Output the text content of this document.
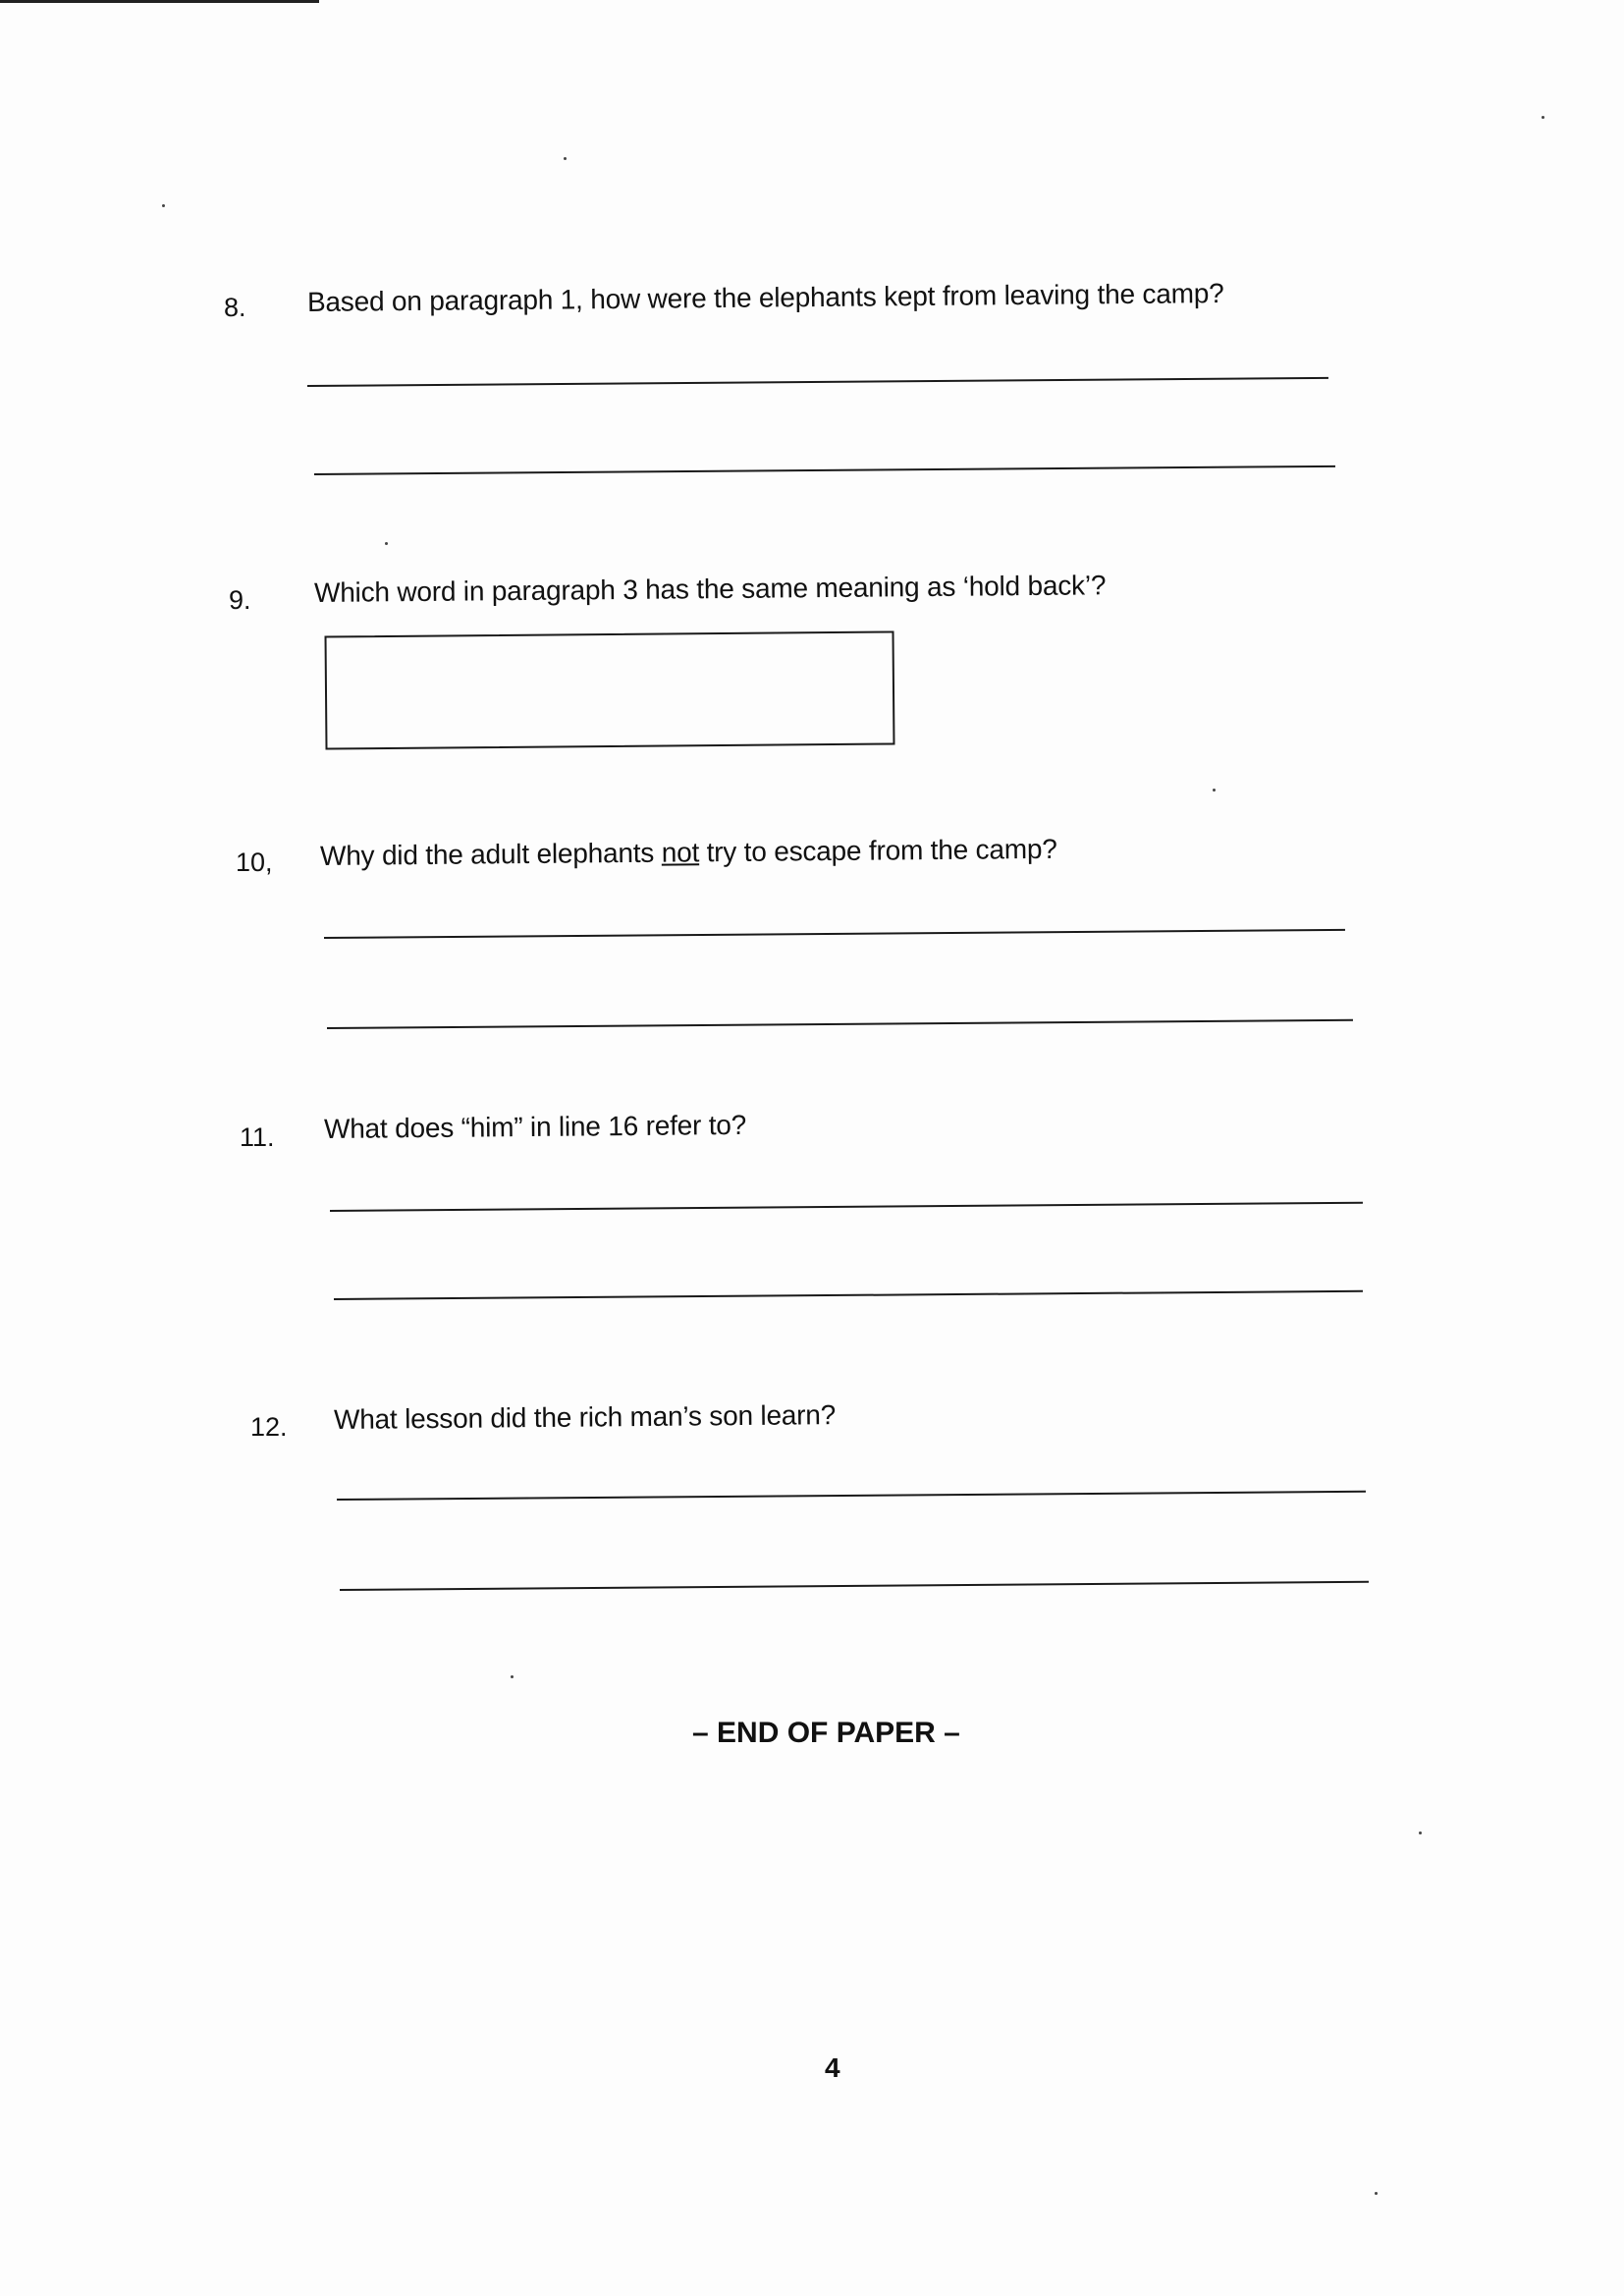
8. Based on paragraph 1, how were the elephants kept from leaving the camp?
9. Which word in paragraph 3 has the same meaning as ‘hold back’?
10, Why did the adult elephants not try to escape from the camp?
11. What does “him” in line 16 refer to?
12. What lesson did the rich man’s son learn?
– END OF PAPER –
4
